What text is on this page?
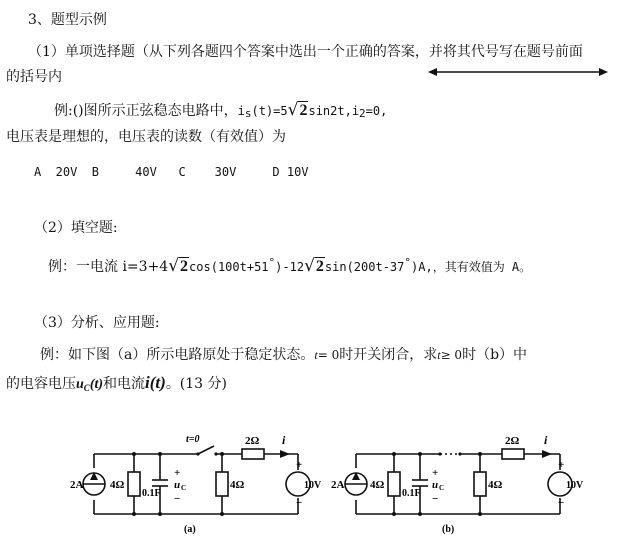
3、题型示例
（1）单项选择题（从下列各题四个答案中选出一个正确的答案，并将其代号写在题号前面
的括号内
例:()图所示正弦稳态电路中，is(t)=5√2sin2t,i2=0,
电压表是理想的，电压表的读数（有效值）为
A  20V  B     40V   C    30V     D 10V
（2）填空题:
例：一电流 i=3+4√2cos(100t+51°)-12√2sin(200t-37°)A,，其有效值为 A。
（3）分析、应用题:
例：如下图（a）所示电路原处于稳定状态。t= 0时开关闭合，求t≥ 0时（b）中
的电容电压$u_C(t)$和电流i(t)。(13 分)
2A 4Ω
0.1F
+
u C
−
t=0	2Ω i
4Ω
+
−
10V
(a)
2A 4Ω
0.1F
+
u C
−
2Ω i
4Ω
+
−
10V
(b)
